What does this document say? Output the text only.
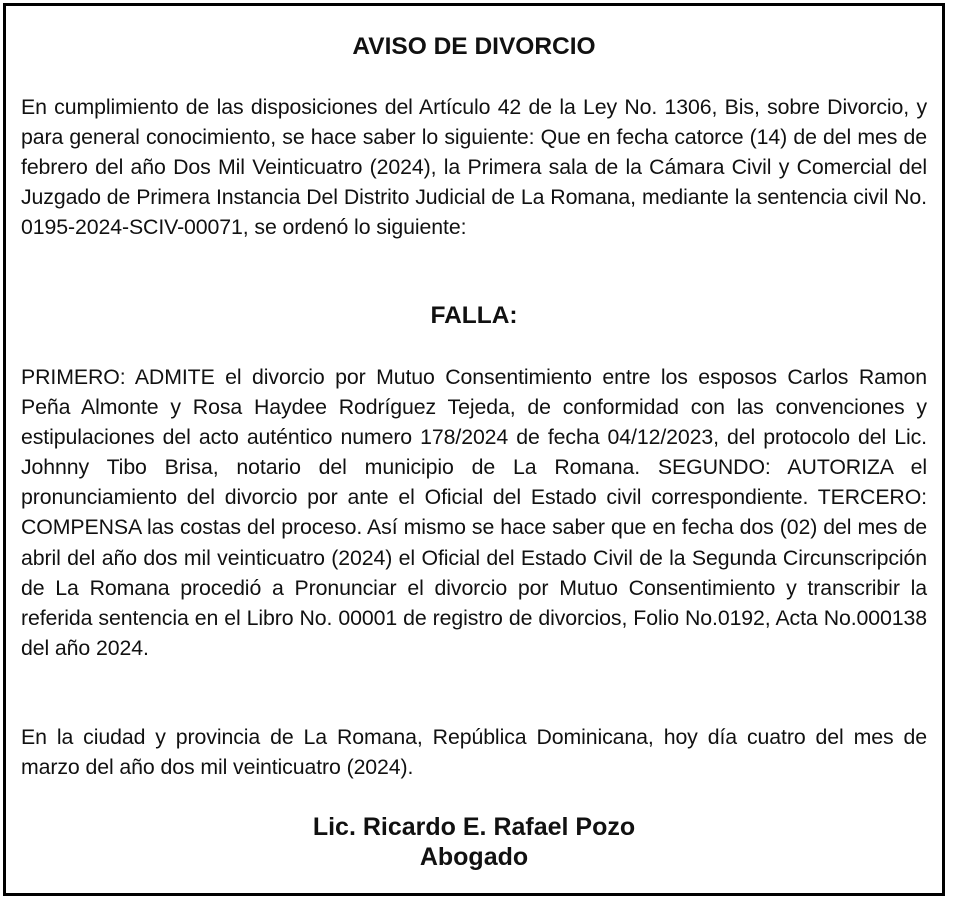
AVISO DE DIVORCIO

En cumplimiento de las disposiciones del Artículo 42 de la Ley No. 1306, Bis, sobre Divorcio, y para general conocimiento, se hace saber lo siguiente: Que en fecha catorce (14) de del mes de febrero del año Dos Mil Veinticuatro (2024), la Primera sala de la Cámara Civil y Comercial del Juzgado de Primera Instancia Del Distrito Judicial de La Romana, mediante la sentencia civil No. 0195-2024-SCIV-00071, se ordenó lo siguiente:

FALLA:

PRIMERO: ADMITE el divorcio por Mutuo Consentimiento entre los esposos Carlos Ramon Peña Almonte y Rosa Haydee Rodríguez Tejeda, de conformidad con las convenciones y estipulaciones del acto auténtico numero 178/2024 de fecha 04/12/2023, del protocolo del Lic. Johnny Tibo Brisa, notario del municipio de La Romana. SEGUNDO: AUTORIZA el pronunciamiento del divorcio por ante el Oficial del Estado civil correspondiente. TERCERO: COMPENSA las costas del proceso. Así mismo se hace saber que en fecha dos (02) del mes de abril del año dos mil veinticuatro (2024) el Oficial del Estado Civil de la Segunda Circunscripción de La Romana procedió a Pronunciar el divorcio por Mutuo Consentimiento y transcribir la referida sentencia en el Libro No. 00001 de registro de divorcios, Folio No.0192, Acta No.000138 del año 2024.

En la ciudad y provincia de La Romana, República Dominicana, hoy día cuatro del mes de marzo del año dos mil veinticuatro (2024).

Lic. Ricardo E. Rafael Pozo
Abogado
